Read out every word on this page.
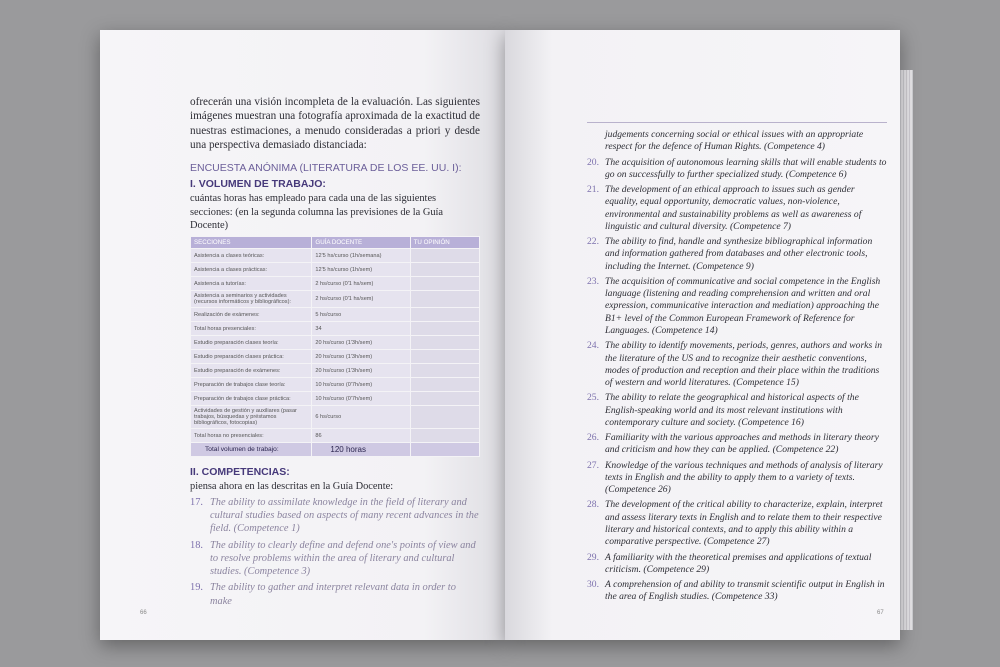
ofrecerán una visión incompleta de la evaluación. Las siguientes imágenes muestran una fotografía aproximada de la exactitud de nuestras estimaciones, a menudo consideradas a priori y desde una perspectiva demasiado distanciada:

ENCUESTA ANÓNIMA (LITERATURA DE LOS EE. UU. I):
I. VOLUMEN DE TRABAJO:

cuántas horas has empleado para cada una de las siguientes secciones: (en la segunda columna las previsiones de la Guía Docente)

SECCIONES	GUÍA DOCENTE	TU OPINIÓN
Asistencia a clases teóricas:	12'5 hs/curso (1h/semana)	
Asistencia a clases prácticas:	12'5 hs/curso (1h/sem)	
Asistencia a tutorías:	2 hs/curso (0'1 hs/sem)	
Asistencia a seminarios y actividades (recursos informáticos y bibliográficos):	2 hs/curso (0'1 hs/sem)	
Realización de exámenes:	5 hs/curso	
Total horas presenciales:	34	
Estudio preparación clases teoría:	20 hs/curso (1'3h/sem)	
Estudio preparación clases práctica:	20 hs/curso (1'3h/sem)	
Estudio preparación de exámenes:	20 hs/curso (1'3h/sem)	
Preparación de trabajos clase teoría:	10 hs/curso (0'7h/sem)	
Preparación de trabajos clase práctica:	10 hs/curso (0'7h/sem)	
Actividades de gestión y auxiliares (pasar trabajos, búsquedas y préstamos bibliográficos, fotocopias)	6 hs/curso	
Total horas no presenciales:	86	
Total volumen de trabajo:	120 horas	
II. COMPETENCIAS:

piensa ahora en las descritas en la Guía Docente:

17. The ability to assimilate knowledge in the field of literary and cultural studies based on aspects of many recent advances in the field. (Competence 1)
18. The ability to clearly define and defend one's points of view and to resolve problems within the area of literary and cultural studies. (Competence 3)
19. The ability to gather and interpret relevant data in order to make
66

judgements concerning social or ethical issues with an appropriate respect for the defence of Human Rights. (Competence 4)

20. The acquisition of autonomous learning skills that will enable students to go on successfully to further specialized study. (Competence 6)
21. The development of an ethical approach to issues such as gender equality, equal opportunity, democratic values, non-violence, environmental and sustainability problems as well as awareness of linguistic and cultural diversity. (Competence 7)
22. The ability to find, handle and synthesize bibliographical information and information gathered from databases and other electronic tools, including the Internet. (Competence 9)
23. The acquisition of communicative and social competence in the English language (listening and reading comprehension and written and oral expression, communicative interaction and mediation) approaching the B1+ level of the Common European Framework of Reference for Languages. (Competence 14)
24. The ability to identify movements, periods, genres, authors and works in the literature of the US and to recognize their aesthetic conventions, modes of production and reception and their place within the traditions of western and world literatures. (Competence 15)
25. The ability to relate the geographical and historical aspects of the English-speaking world and its most relevant institutions with contemporary culture and society. (Competence 16)
26. Familiarity with the various approaches and methods in literary theory and criticism and how they can be applied. (Competence 22)
27. Knowledge of the various techniques and methods of analysis of literary texts in English and the ability to apply them to a variety of texts. (Competence 26)
28. The development of the critical ability to characterize, explain, interpret and assess literary texts in English and to relate them to their respective literary and historical contexts, and to apply this ability within a comparative perspective. (Competence 27)
29. A familiarity with the theoretical premises and applications of textual criticism. (Competence 29)
30. A comprehension of and ability to transmit scientific output in English in the area of English studies. (Competence 33)
67
